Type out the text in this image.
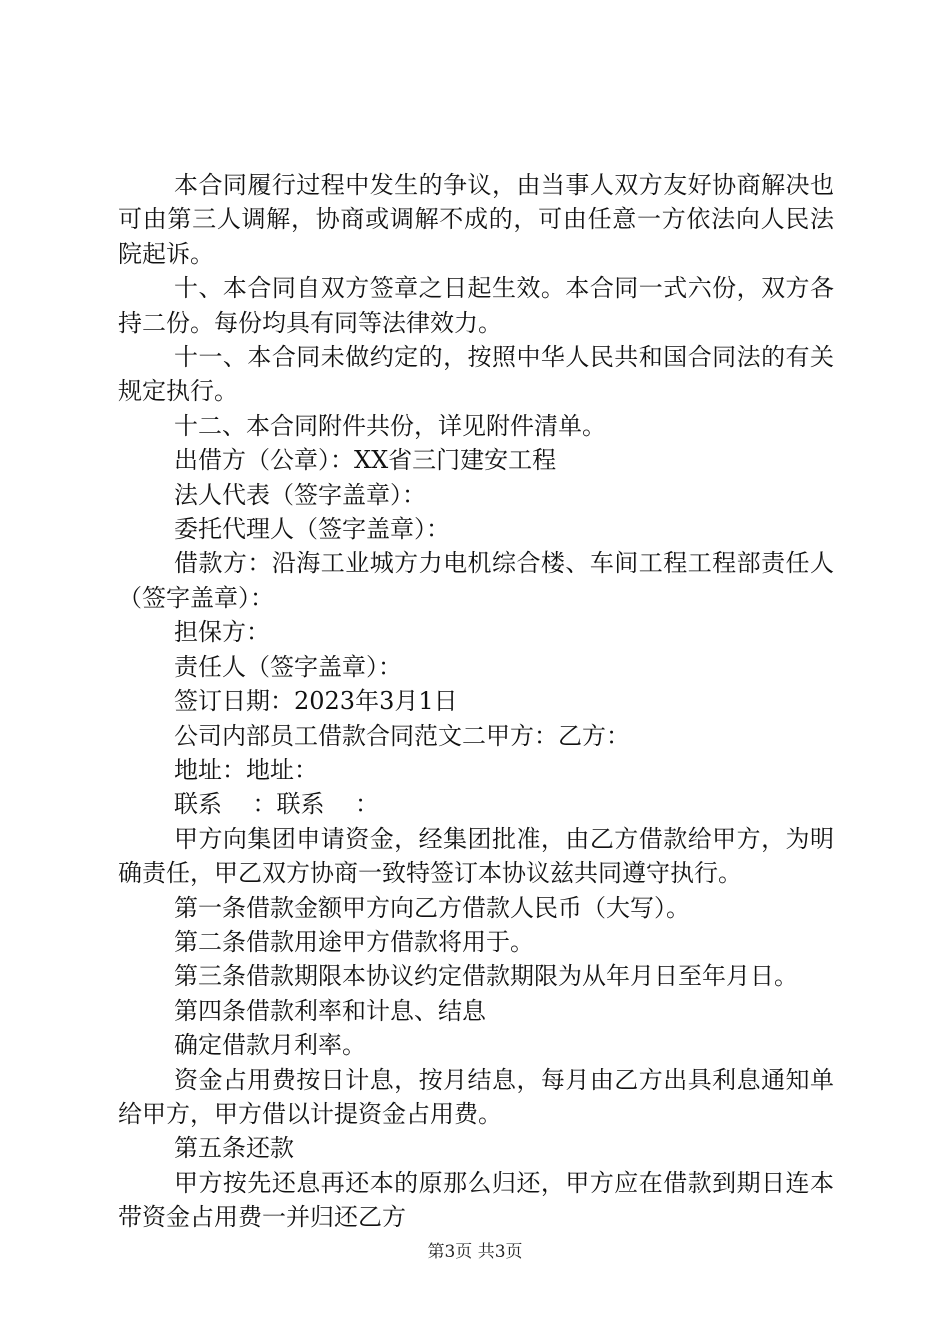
本合同履行过程中发生的争议，由当事人双方友好协商解决也可由第三人调解，协商或调解不成的，可由任意一方依法向人民法院起诉。

十、本合同自双方签章之日起生效。本合同一式六份，双方各持二份。每份均具有同等法律效力。

十一、本合同未做约定的，按照中华人民共和国合同法的有关规定执行。

十二、本合同附件共份，详见附件清单。

出借方（公章）：XX省三门建安工程

法人代表（签字盖章）：

委托代理人（签字盖章）：

借款方：沿海工业城方力电机综合楼、车间工程工程部责任人（签字盖章）：

担保方：

责任人（签字盖章）：

签订日期：2023年3月1日

公司内部员工借款合同范文二甲方：乙方：

地址：地址：

联系    ：联系    ：

甲方向集团申请资金，经集团批准，由乙方借款给甲方，为明确责任，甲乙双方协商一致特签订本协议兹共同遵守执行。

第一条借款金额甲方向乙方借款人民币（大写）。

第二条借款用途甲方借款将用于。

第三条借款期限本协议约定借款期限为从年月日至年月日。

第四条借款利率和计息、结息

确定借款月利率。

资金占用费按日计息，按月结息，每月由乙方出具利息通知单给甲方，甲方借以计提资金占用费。

第五条还款

甲方按先还息再还本的原那么归还，甲方应在借款到期日连本带资金占用费一并归还乙方

第3页 共3页
